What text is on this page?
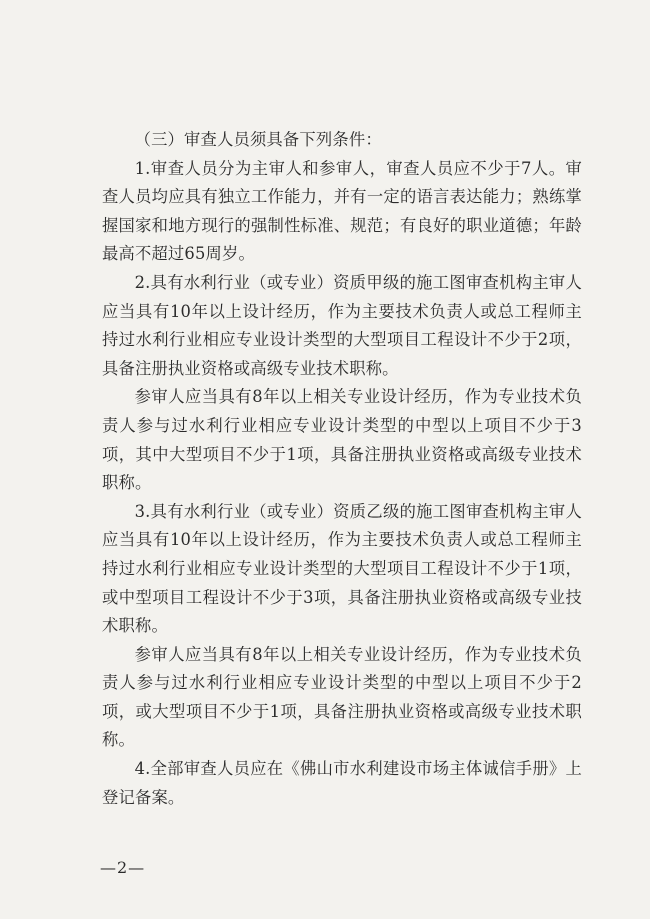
（三）审查人员须具备下列条件：

1.审查人员分为主审人和参审人，审查人员应不少于7人。审查人员均应具有独立工作能力，并有一定的语言表达能力；熟练掌握国家和地方现行的强制性标准、规范；有良好的职业道德；年龄最高不超过65周岁。

2.具有水利行业（或专业）资质甲级的施工图审查机构主审人应当具有10年以上设计经历，作为主要技术负责人或总工程师主持过水利行业相应专业设计类型的大型项目工程设计不少于2项，具备注册执业资格或高级专业技术职称。

参审人应当具有8年以上相关专业设计经历，作为专业技术负责人参与过水利行业相应专业设计类型的中型以上项目不少于3项，其中大型项目不少于1项，具备注册执业资格或高级专业技术职称。

3.具有水利行业（或专业）资质乙级的施工图审查机构主审人应当具有10年以上设计经历，作为主要技术负责人或总工程师主持过水利行业相应专业设计类型的大型项目工程设计不少于1项，或中型项目工程设计不少于3项，具备注册执业资格或高级专业技术职称。

参审人应当具有8年以上相关专业设计经历，作为专业技术负责人参与过水利行业相应专业设计类型的中型以上项目不少于2项，或大型项目不少于1项，具备注册执业资格或高级专业技术职称。

4.全部审查人员应在《佛山市水利建设市场主体诚信手册》上登记备案。

—2—
